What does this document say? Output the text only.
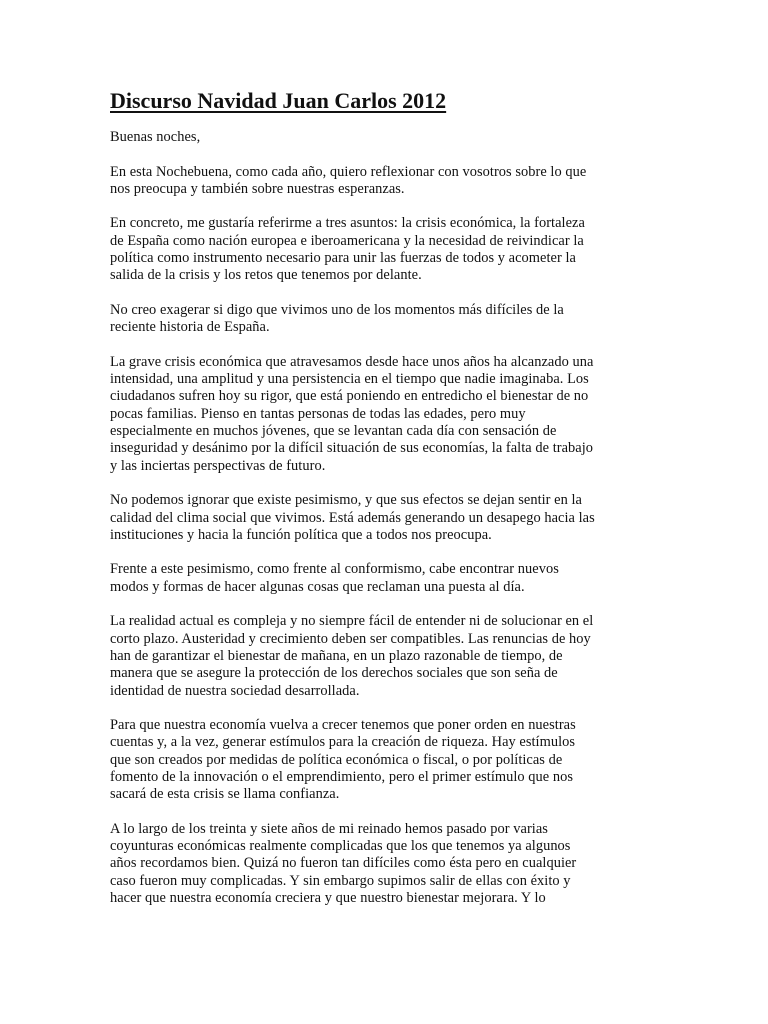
Discurso Navidad Juan Carlos 2012

Buenas noches,

En esta Nochebuena, como cada año, quiero reflexionar con vosotros sobre lo que
nos preocupa y también sobre nuestras esperanzas.

En concreto, me gustaría referirme a tres asuntos: la crisis económica, la fortaleza
de España como nación europea e iberoamericana y la necesidad de reivindicar la
política como instrumento necesario para unir las fuerzas de todos y acometer la
salida de la crisis y los retos que tenemos por delante.

No creo exagerar si digo que vivimos uno de los momentos más difíciles de la
reciente historia de España.

La grave crisis económica que atravesamos desde hace unos años ha alcanzado una
intensidad, una amplitud y una persistencia en el tiempo que nadie imaginaba. Los
ciudadanos sufren hoy su rigor, que está poniendo en entredicho el bienestar de no
pocas familias. Pienso en tantas personas de todas las edades, pero muy
especialmente en muchos jóvenes, que se levantan cada día con sensación de
inseguridad y desánimo por la difícil situación de sus economías, la falta de trabajo
y las inciertas perspectivas de futuro.

No podemos ignorar que existe pesimismo, y que sus efectos se dejan sentir en la
calidad del clima social que vivimos. Está además generando un desapego hacia las
instituciones y hacia la función política que a todos nos preocupa.

Frente a este pesimismo, como frente al conformismo, cabe encontrar nuevos
modos y formas de hacer algunas cosas que reclaman una puesta al día.

La realidad actual es compleja y no siempre fácil de entender ni de solucionar en el
corto plazo. Austeridad y crecimiento deben ser compatibles. Las renuncias de hoy
han de garantizar el bienestar de mañana, en un plazo razonable de tiempo, de
manera que se asegure la protección de los derechos sociales que son seña de
identidad de nuestra sociedad desarrollada.

Para que nuestra economía vuelva a crecer tenemos que poner orden en nuestras
cuentas y, a la vez, generar estímulos para la creación de riqueza. Hay estímulos
que son creados por medidas de política económica o fiscal, o por políticas de
fomento de la innovación o el emprendimiento, pero el primer estímulo que nos
sacará de esta crisis se llama confianza.

A lo largo de los treinta y siete años de mi reinado hemos pasado por varias
coyunturas económicas realmente complicadas que los que tenemos ya algunos
años recordamos bien. Quizá no fueron tan difíciles como ésta pero en cualquier
caso fueron muy complicadas. Y sin embargo supimos salir de ellas con éxito y
hacer que nuestra economía creciera y que nuestro bienestar mejorara. Y lo
